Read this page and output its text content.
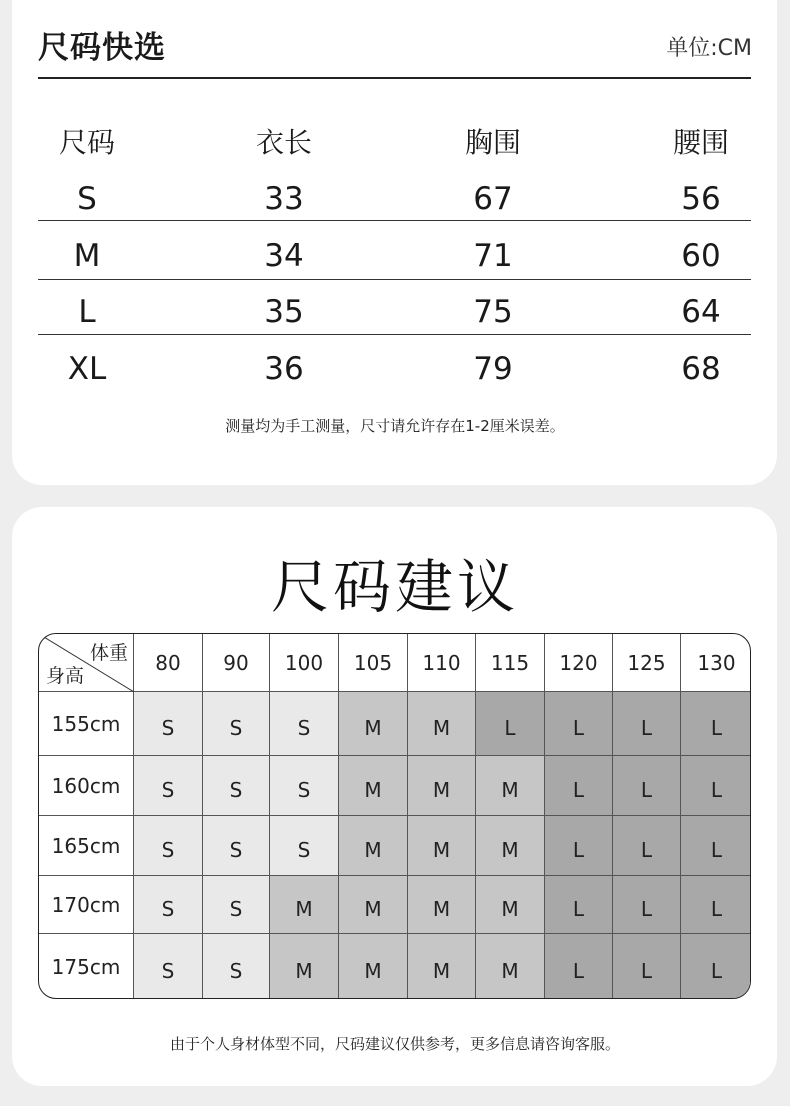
尺码快选	单位:CM
尺码	衣长	胸围	腰围
S	33	67	56
M	34	71	60
L	35	75	64
XL	36	79	68
测量均为手工测量，尺寸请允许存在1-2厘米误差。
尺码建议
体重
身高
80	90	100	105	110	115	120	125	130
155cm	S	S	S	M	M	L	L	L	L
160cm	S	S	S	M	M	M	L	L	L
165cm	S	S	S	M	M	M	L	L	L
170cm	S	S	M	M	M	M	L	L	L
175cm	S	S	M	M	M	M	L	L	L
由于个人身材体型不同，尺码建议仅供参考，更多信息请咨询客服。
